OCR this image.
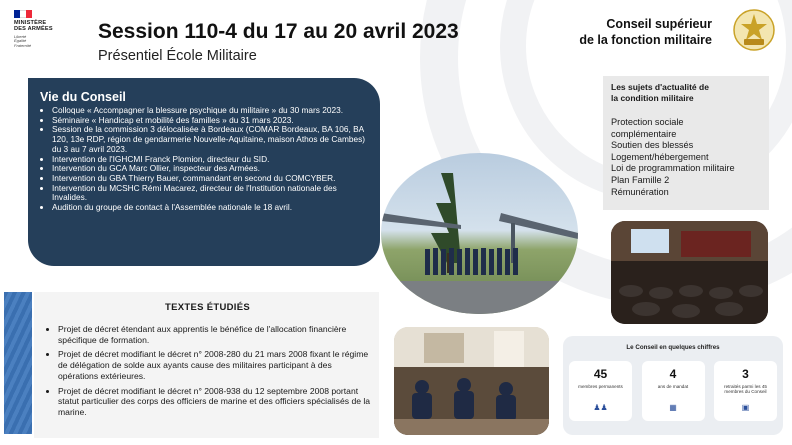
MINISTÈRE
DES ARMÉES
Liberté
Égalité
Fraternité
Session 110-4 du 17 au 20 avril 2023
Présentiel École Militaire
Conseil supérieur
de la fonction militaire
Vie du Conseil
• Colloque « Accompagner la blessure psychique du militaire » du 30 mars 2023.
• Séminaire « Handicap et mobilité des familles » du 31 mars 2023.
• Session de la commission 3 délocalisée à Bordeaux (COMAR Bordeaux, BA 106, BA 120, 13e RDP, région de gendarmerie Nouvelle-Aquitaine, maison Athos de Cambes) du 3 au 7 avril 2023.
• Intervention de l'IGHCMI Franck Plomion, directeur du SID.
• Intervention du GCA Marc Ollier, inspecteur des Armées.
• Intervention du GBA Thierry Bauer, commandant en second du COMCYBER.
• Intervention du MCSHC Rémi Macarez, directeur de l'Institution nationale des Invalides.
• Audition du groupe de contact à l'Assemblée nationale le 18 avril.
Les sujets d'actualité de
la condition militaire
Protection sociale
complémentaire
Soutien des blessés
Logement/hébergement
Loi de programmation militaire
Plan Famille 2
Rémunération
TEXTES ÉTUDIÉS
• Projet de décret étendant aux apprentis le bénéfice de l'allocation financière spécifique de formation.
• Projet de décret modifiant le décret n° 2008-280 du 21 mars 2008 fixant le régime de délégation de solde aux ayants cause des militaires participant à des opérations extérieures.
• Projet de décret modifiant le décret n° 2008-938 du 12 septembre 2008 portant statut particulier des corps des officiers de marine et des officiers spécialisés de la marine.
Le Conseil en quelques chiffres
45
membres permanents
♟♟
4
ans de mandat
▦
3
retraités parmi les 45 membres du Conseil
▣
